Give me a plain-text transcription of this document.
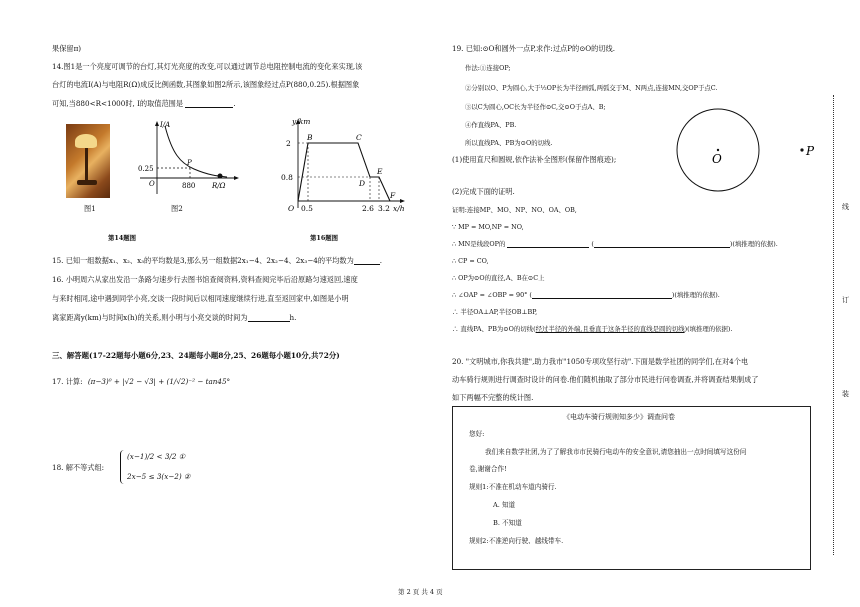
果保留π)
14.图1是一个亮度可调节的台灯,其灯光亮度的改变,可以通过调节总电阻控制电流的变化来实现,该
台灯的电流I(A)与电阻R(Ω)成反比例函数,其图象如图2所示,该图象经过点P(880,0.25).根据图象
可知,当880<R<1000时, I的取值范围是	.
图1
I/A
R/Ω
0.25
880
O
P
图2
第14题图
y/km
x/h
2
0.8
0.5	2.6 3.2
O
B	C
D
E
F
第16题图
15. 已知一组数据x₁、x₂、x₃的平均数是3,那么另一组数据2x₁−4、2x₂−4、2x₃−4的平均数为	.
16. 小明周六从家出发沿一条路匀速步行去图书馆查阅资料,资料查阅完毕后沿原路匀速返回,速度
与来时相同,途中遇到同学小亮,交谈一段时间后以相同速度继续行进,直至返回家中,如图是小明
离家距离y(km)与时间x(h)的关系,则小明与小亮交谈的时间为	h.
三、解答题(17-22题每小题6分,23、24题每小题8分,25、26题每小题10分,共72分)
17. 计算: (π−3)⁰ + |√2 − √3| + (1/√2)⁻² − tan45°
18. 解不等式组:
(x−1)/2 < 3/2 ①
2x−5 ≤ 3(x−2) ②
19. 已知:⊙O和圆外一点P,求作:过点P的⊙O的切线.
作法:①连接OP;
②分别以O、P为圆心,大于½OP长为半径画弧,两弧交于M、N两点,连接MN,交OP于点C.
③以C为圆心,OC长为半径作⊙C,交⊙O于点A、B;
④作直线PA、PB.
所以直线PA、PB为⊙O的切线.
(1)使用直尺和圆规,依作法补全图形(保留作图痕迹);	O
P
(2)完成下面的证明.
证明:连接MP、MO、NP、NO、OA、OB,
∵ MP = MO,NP = NO,
∴ MN是线段OP的	(	)(填推理的依据).
∴ CP = CO,
∴ OP为⊙O的直径,A、B在⊙C上
∴ ∠OAP = ∠OBP = 90° (	)(填推理的依据).
∴ 半径OA⊥AP,半径OB⊥BP,
∴ 直线PA、PB为⊙O的切线(经过半径的外端,且垂直于这条半径的直线是圆的切线)(填推理的依据).
20. "文明城市,你我共建",助力我市"1050专项攻坚行动".下面是数学社团的同学们,在对4个电
动车骑行规则进行调查时设计的问卷.他们随机抽取了部分市民进行问卷调查,并将调查结果制成了
如下两幅不完整的统计图.
《电动车骑行规则知多少》调查问卷
您好:
我们来自数学社团,为了了解我市市民骑行电动车的安全意识,请您抽出一点时间填写这份问
卷,谢谢合作!
规则1:不准在机动车道内骑行.
A. 知道
B. 不知道
规则2:不准逆向行驶、越线带车.
线
订
装
第 2 页 共 4 页
